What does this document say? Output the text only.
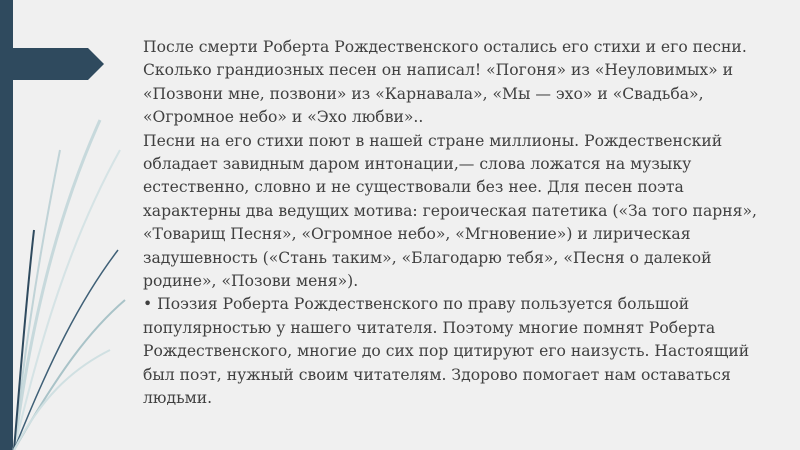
После смерти Роберта Рождественского остались его стихи и его песни. Сколько грандиозных песен он написал! «Погоня» из «Неуловимых» и «Позвони мне, позвони» из «Карнавала», «Мы — эхо» и «Свадьба», «Огромное небо» и «Эхо любви»..

Песни на его стихи поют в нашей стране миллионы. Рождественский обладает завидным даром интонации,— слова ложатся на музыку естественно, словно и не существовали без нее. Для песен поэта характерны два ведущих мотива: героическая патетика («За того парня», «Товарищ Песня», «Огромное небо», «Мгновение») и лирическая задушевность («Стань таким», «Благодарю тебя», «Песня о далекой родине», «Позови меня»).

• Поэзия Роберта Рождественского по праву пользуется большой популярностью у нашего читателя. Поэтому многие помнят Роберта Рождественского, многие до сих пор цитируют его наизусть. Настоящий был поэт, нужный своим читателям. Здорово помогает нам оставаться людьми.
